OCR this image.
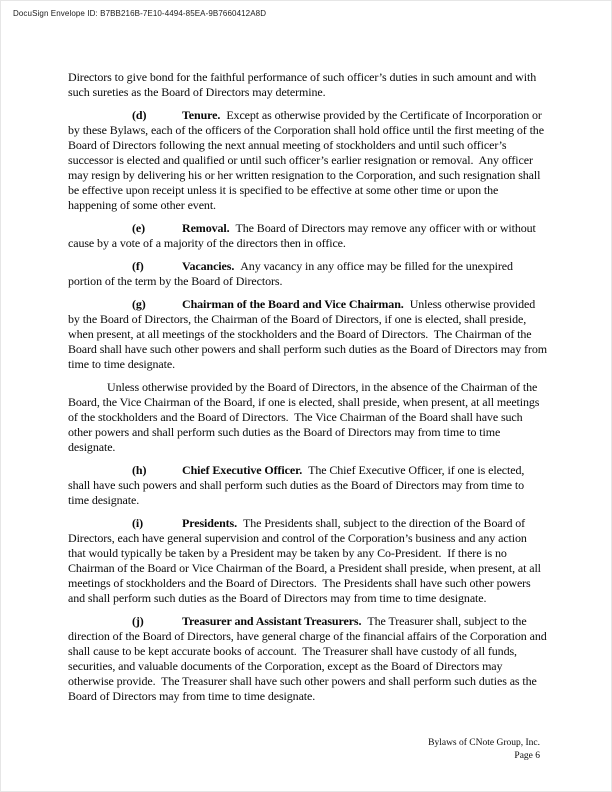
DocuSign Envelope ID: B7BB216B-7E10-4494-85EA-9B7660412A8D
Directors to give bond for the faithful performance of such officer’s duties in such amount and with such sureties as the Board of Directors may determine.
(d)	Tenure. Except as otherwise provided by the Certificate of Incorporation or by these Bylaws, each of the officers of the Corporation shall hold office until the first meeting of the Board of Directors following the next annual meeting of stockholders and until such officer’s successor is elected and qualified or until such officer’s earlier resignation or removal.  Any officer may resign by delivering his or her written resignation to the Corporation, and such resignation shall be effective upon receipt unless it is specified to be effective at some other time or upon the happening of some other event.
(e)	Removal. The Board of Directors may remove any officer with or without cause by a vote of a majority of the directors then in office.
(f)	Vacancies. Any vacancy in any office may be filled for the unexpired portion of the term by the Board of Directors.
(g)	Chairman of the Board and Vice Chairman. Unless otherwise provided by the Board of Directors, the Chairman of the Board of Directors, if one is elected, shall preside, when present, at all meetings of the stockholders and the Board of Directors.  The Chairman of the Board shall have such other powers and shall perform such duties as the Board of Directors may from time to time designate.
Unless otherwise provided by the Board of Directors, in the absence of the Chairman of the Board, the Vice Chairman of the Board, if one is elected, shall preside, when present, at all meetings of the stockholders and the Board of Directors.  The Vice Chairman of the Board shall have such other powers and shall perform such duties as the Board of Directors may from time to time designate.
(h)	Chief Executive Officer. The Chief Executive Officer, if one is elected, shall have such powers and shall perform such duties as the Board of Directors may from time to time designate.
(i)	Presidents. The Presidents shall, subject to the direction of the Board of Directors, each have general supervision and control of the Corporation’s business and any action that would typically be taken by a President may be taken by any Co-President.  If there is no Chairman of the Board or Vice Chairman of the Board, a President shall preside, when present, at all meetings of stockholders and the Board of Directors.  The Presidents shall have such other powers and shall perform such duties as the Board of Directors may from time to time designate.
(j)	Treasurer and Assistant Treasurers. The Treasurer shall, subject to the direction of the Board of Directors, have general charge of the financial affairs of the Corporation and shall cause to be kept accurate books of account.  The Treasurer shall have custody of all funds, securities, and valuable documents of the Corporation, except as the Board of Directors may otherwise provide.  The Treasurer shall have such other powers and shall perform such duties as the Board of Directors may from time to time designate.
Bylaws of CNote Group, Inc.
Page 6
